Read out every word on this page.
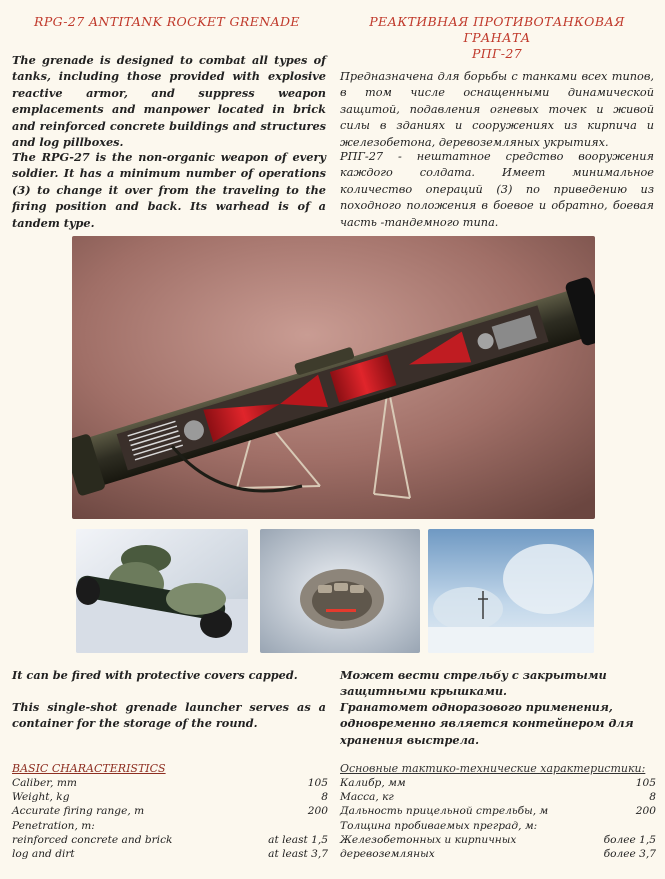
RPG-27 ANTITANK ROCKET GRENADE	РЕАКТИВНАЯ ПРОТИВОТАНКОВАЯ ГРАНАТА
РПГ-27
The grenade is designed to combat all types of tanks, including those provided with explosive reactive armor, and suppress weapon emplacements and manpower located in brick and reinforced concrete buildings and structures and log pillboxes.
The RPG-27 is the non-organic weapon of every soldier. It has a minimum number of operations (3) to change it over from the traveling to the firing position and back. Its warhead is of a tandem type.
Предназначена для борьбы с танками всех типов, в том числе оснащенными динамической защитой, подавления огневых точек и живой силы в зданиях и сооружениях из кирпича и железобетона, деревоземляных укрытиях.
РПГ-27 - нештатное средство вооружения каждого солдата. Имеет минимальное количество операций (3) по приведению из походного положения в боевое и обратно, боевая часть -тандемного типа.
It can be fired with protective covers capped.
This single-shot grenade launcher serves as a container for the storage of the round.
Может вести стрельбу с закрытыми защитными крышками.
Гранатомет одноразового применения, одновременно является контейнером для хранения выстрела.
BASIC CHARACTERISTICS
Caliber, mm	105
Weight, kg	8
Accurate firing range, m	200
Penetration, m:	
reinforced concrete and brick	at least 1,5
log and dirt	at least 3,7
Основные тактико-технические характеристики:
Калибр, мм	105
Масса, кг	8
Дальность прицельной стрельбы, м	200
Толщина пробиваемых преград, м:	
Железобетонных и кирпичных	более 1,5
деревоземляных	более 3,7
